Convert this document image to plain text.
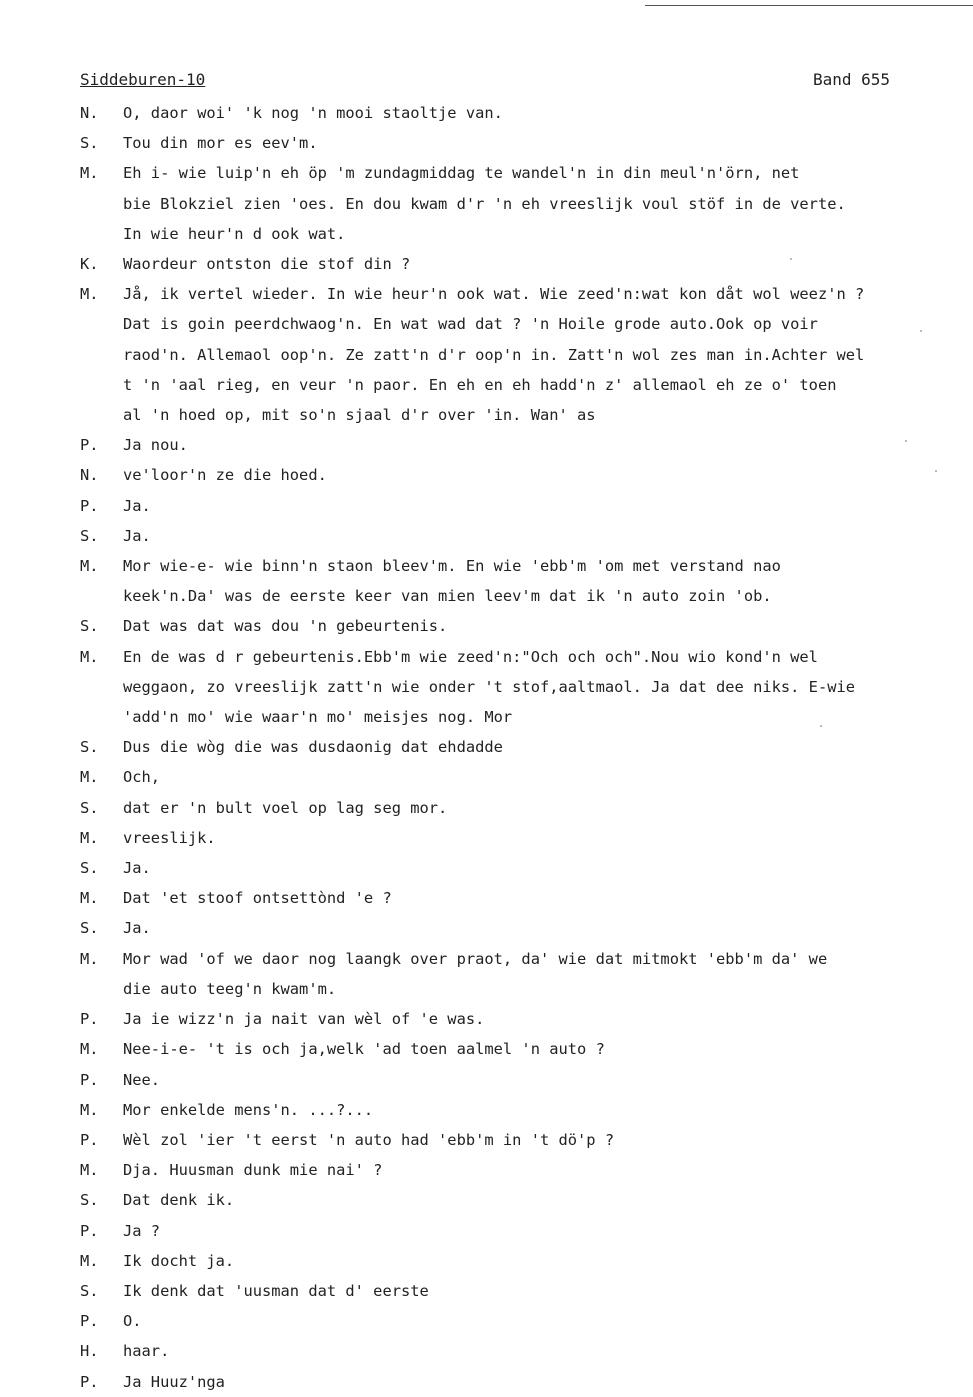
Siddeburen-10	Band 655
N. O, daor woi' 'k nog 'n mooi staoltje van.
S. Tou din mor es eev'm.
M. Eh i- wie luip'n eh öp 'm zundagmiddag te wandel'n in din meul'n'örn, net
bie Blokziel zien 'oes. En dou kwam d'r 'n eh vreeslijk voul stöf in de verte.
In wie heur'n d ook wat.
K. Waordeur ontston die stof din ?
M. Jå, ik vertel wieder. In wie heur'n ook wat. Wie zeed'n:wat kon dåt wol weez'n ?
Dat is goin peerdchwaog'n. En wat wad dat ? 'n Hoile grode auto.Ook op voir
raod'n. Allemaol oop'n. Ze zatt'n d'r oop'n in. Zatt'n wol zes man in.Achter wel
t 'n 'aal rieg, en veur 'n paor. En eh en eh hadd'n z' allemaol eh ze o' toen
al 'n hoed op, mit so'n sjaal d'r over 'in. Wan' as
P. Ja nou.
N. ve'loor'n ze die hoed.
P. Ja.
S. Ja.
M. Mor wie-e- wie binn'n staon bleev'm. En wie 'ebb'm 'om met verstand nao
keek'n.Da' was de eerste keer van mien leev'm dat ik 'n auto zoin 'ob.
S. Dat was dat was dou 'n gebeurtenis.
M. En de was d r gebeurtenis.Ebb'm wie zeed'n:"Och och och".Nou wio kond'n wel
weggaon, zo vreeslijk zatt'n wie onder 't stof,aaltmaol. Ja dat dee niks. E-wie
'add'n mo' wie waar'n mo' meisjes nog. Mor
S. Dus die wòg die was dusdaonig dat ehdadde
M. Och,
S. dat er 'n bult voel op lag seg mor.
M. vreeslijk.
S. Ja.
M. Dat 'et stoof ontsettònd 'e ?
S. Ja.
M. Mor wad 'of we daor nog laangk over praot, da' wie dat mitmokt 'ebb'm da' we
die auto teeg'n kwam'm.
P. Ja ie wizz'n ja nait van wèl of 'e was.
M. Nee-i-e- 't is och ja,welk 'ad toen aalmel 'n auto ?
P. Nee.
M. Mor enkelde mens'n. ...?...
P. Wèl zol 'ier 't eerst 'n auto had 'ebb'm in 't dö'p ?
M. Dja. Huusman dunk mie nai' ?
S. Dat denk ik.
P. Ja ?
M. Ik docht ja.
S. Ik denk dat 'uusman dat d' eerste
P. O.
H. haar.
P. Ja Huuz'nga
